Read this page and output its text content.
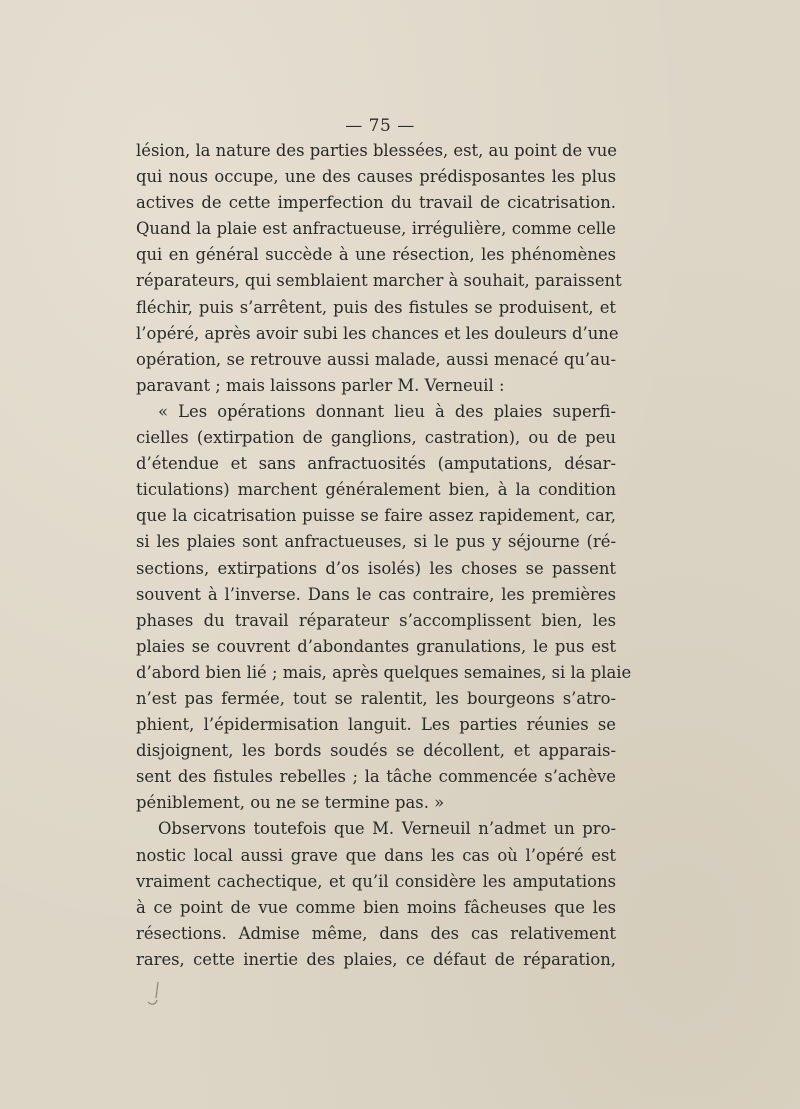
— 75 —
lésion, la nature des parties blessées, est, au point de vue
qui nous occupe, une des causes prédisposantes les plus
actives de cette imperfection du travail de cicatrisation.
Quand la plaie est anfractueuse, irrégulière, comme celle
qui en général succède à une résection, les phénomènes
réparateurs, qui semblaient marcher à souhait, paraissent
fléchir, puis s’arrêtent, puis des fistules se produisent, et
l’opéré, après avoir subi les chances et les douleurs d’une
opération, se retrouve aussi malade, aussi menacé qu’au-
paravant ; mais laissons parler M. Verneuil :
« Les opérations donnant lieu à des plaies superfi-
cielles (extirpation de ganglions, castration), ou de peu
d’étendue et sans anfractuosités (amputations, désar-
ticulations) marchent généralement bien, à la condition
que la cicatrisation puisse se faire assez rapidement, car,
si les plaies sont anfractueuses, si le pus y séjourne (ré-
sections, extirpations d’os isolés) les choses se passent
souvent à l’inverse. Dans le cas contraire, les premières
phases du travail réparateur s’accomplissent bien, les
plaies se couvrent d’abondantes granulations, le pus est
d’abord bien lié ; mais, après quelques semaines, si la plaie
n’est pas fermée, tout se ralentit, les bourgeons s’atro-
phient, l’épidermisation languit. Les parties réunies se
disjoignent, les bords soudés se décollent, et apparais-
sent des fistules rebelles ; la tâche commencée s’achève
péniblement, ou ne se termine pas. »
Observons toutefois que M. Verneuil n’admet un pro-
nostic local aussi grave que dans les cas où l’opéré est
vraiment cachectique, et qu’il considère les amputations
à ce point de vue comme bien moins fâcheuses que les
résections. Admise même, dans des cas relativement
rares, cette inertie des plaies, ce défaut de réparation,
